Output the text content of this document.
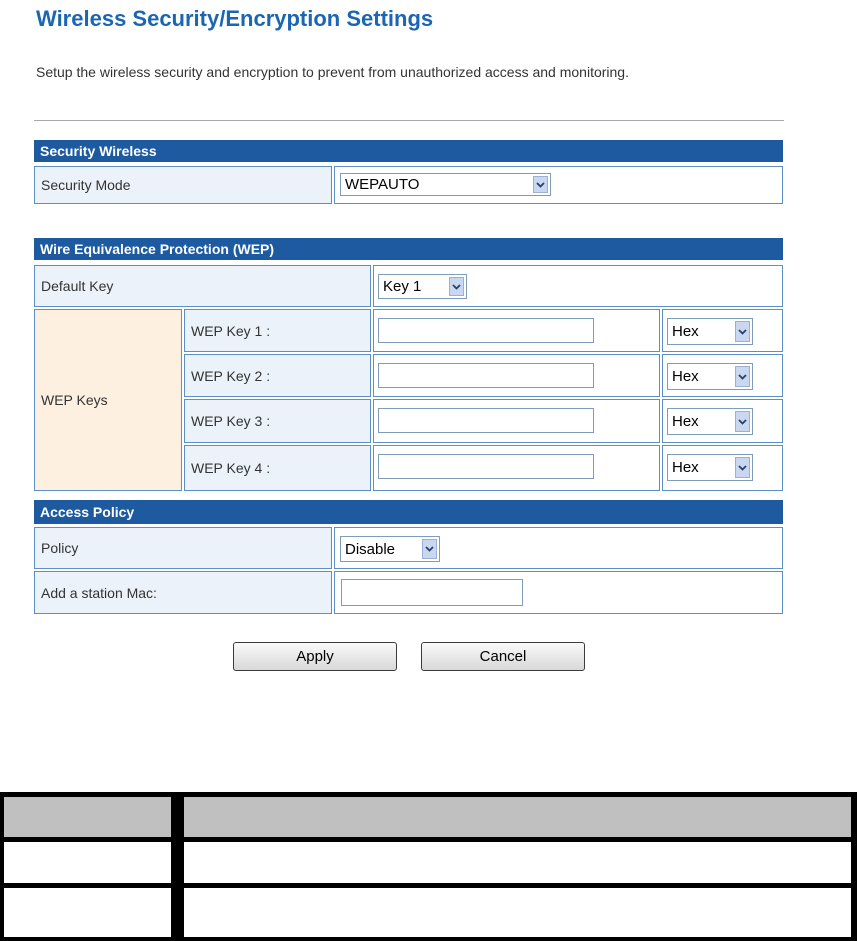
Wireless Security/Encryption Settings
Setup the wireless security and encryption to prevent from unauthorized access and monitoring.
Security Wireless
Security Mode	WEPAUTO
Wire Equivalence Protection (WEP)
Default Key	Key 1
WEP Keys
WEP Key 1 :	Hex
WEP Key 2 :	Hex
WEP Key 3 :	Hex
WEP Key 4 :	Hex
Access Policy
Policy	Disable
Add a station Mac:
Apply	Cancel
